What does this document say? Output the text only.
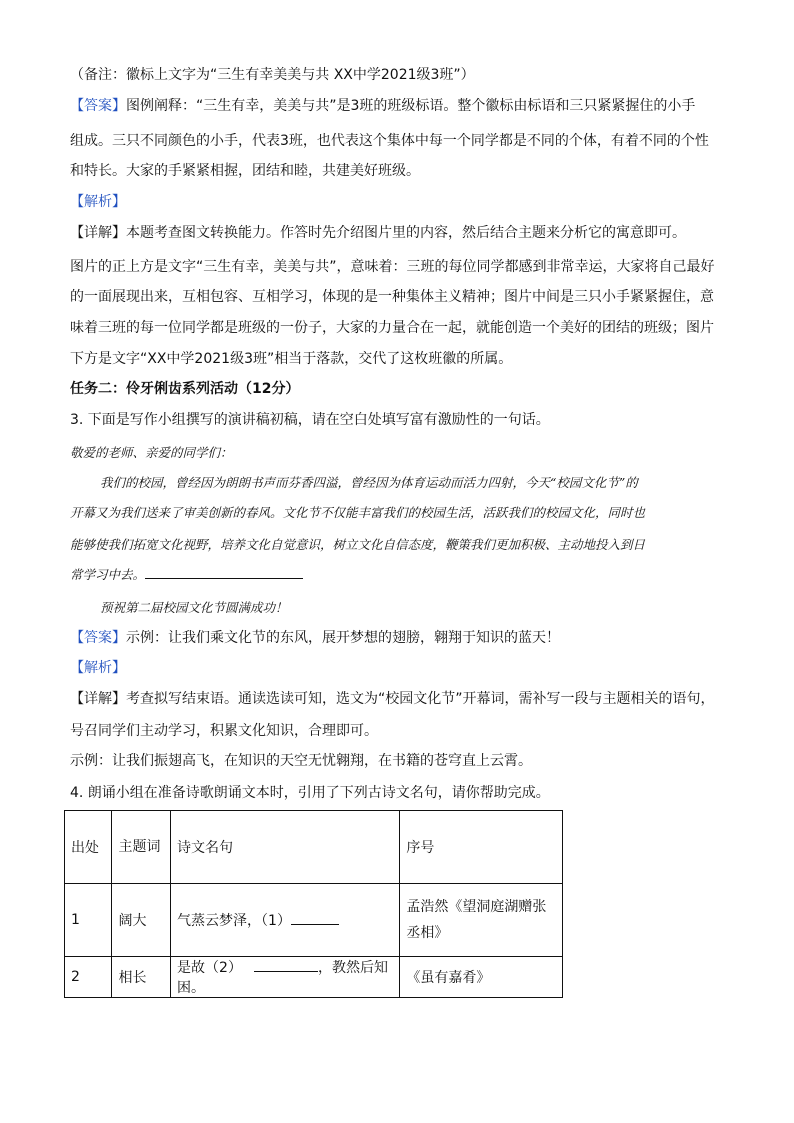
（备注：徽标上文字为“三生有幸美美与共 XX中学2021级3班”）
【答案】图例阐释：“三生有幸，美美与共”是3班的班级标语。整个徽标由标语和三只紧紧握住的小手
组成。三只不同颜色的小手，代表3班，也代表这个集体中每一个同学都是不同的个体，有着不同的个性
和特长。大家的手紧紧相握，团结和睦，共建美好班级。
【解析】
【详解】本题考查图文转换能力。作答时先介绍图片里的内容，然后结合主题来分析它的寓意即可。
图片的正上方是文字“三生有幸，美美与共”，意味着：三班的每位同学都感到非常幸运，大家将自己最好
的一面展现出来，互相包容、互相学习，体现的是一种集体主义精神；图片中间是三只小手紧紧握住，意
味着三班的每一位同学都是班级的一份子，大家的力量合在一起，就能创造一个美好的团结的班级；图片
下方是文字“XX中学2021级3班”相当于落款，交代了这枚班徽的所属。
任务二：伶牙俐齿系列活动（12分）
3. 下面是写作小组撰写的演讲稿初稿，请在空白处填写富有激励性的一句话。
敬爱的老师、亲爱的同学们：
我们的校园，曾经因为朗朗书声而芬香四溢，曾经因为体育运动而活力四射，今天“校园文化节”的
开幕又为我们送来了审美创新的春风。文化节不仅能丰富我们的校园生活，活跃我们的校园文化，同时也
能够使我们拓宽文化视野，培养文化自觉意识，树立文化自信态度，鞭策我们更加积极、主动地投入到日
常学习中去。
预祝第二届校园文化节圆满成功！
【答案】示例：让我们乘文化节的东风，展开梦想的翅膀，翱翔于知识的蓝天！
【解析】
【详解】考查拟写结束语。通读选读可知，选文为“校园文化节”开幕词，需补写一段与主题相关的语句，
号召同学们主动学习，积累文化知识，合理即可。
示例：让我们振翅高飞，在知识的天空无忧翱翔，在书籍的苍穹直上云霄。
4. 朗诵小组在准备诗歌朗诵文本时，引用了下列古诗文名句，请你帮助完成。
出处	主题词	诗文名句	序号
1	阔大	气蒸云梦泽，（1）	孟浩然《望洞庭湖赠张丞相》
2	相长	是故（2） ，教然后知困。	《虽有嘉肴》
